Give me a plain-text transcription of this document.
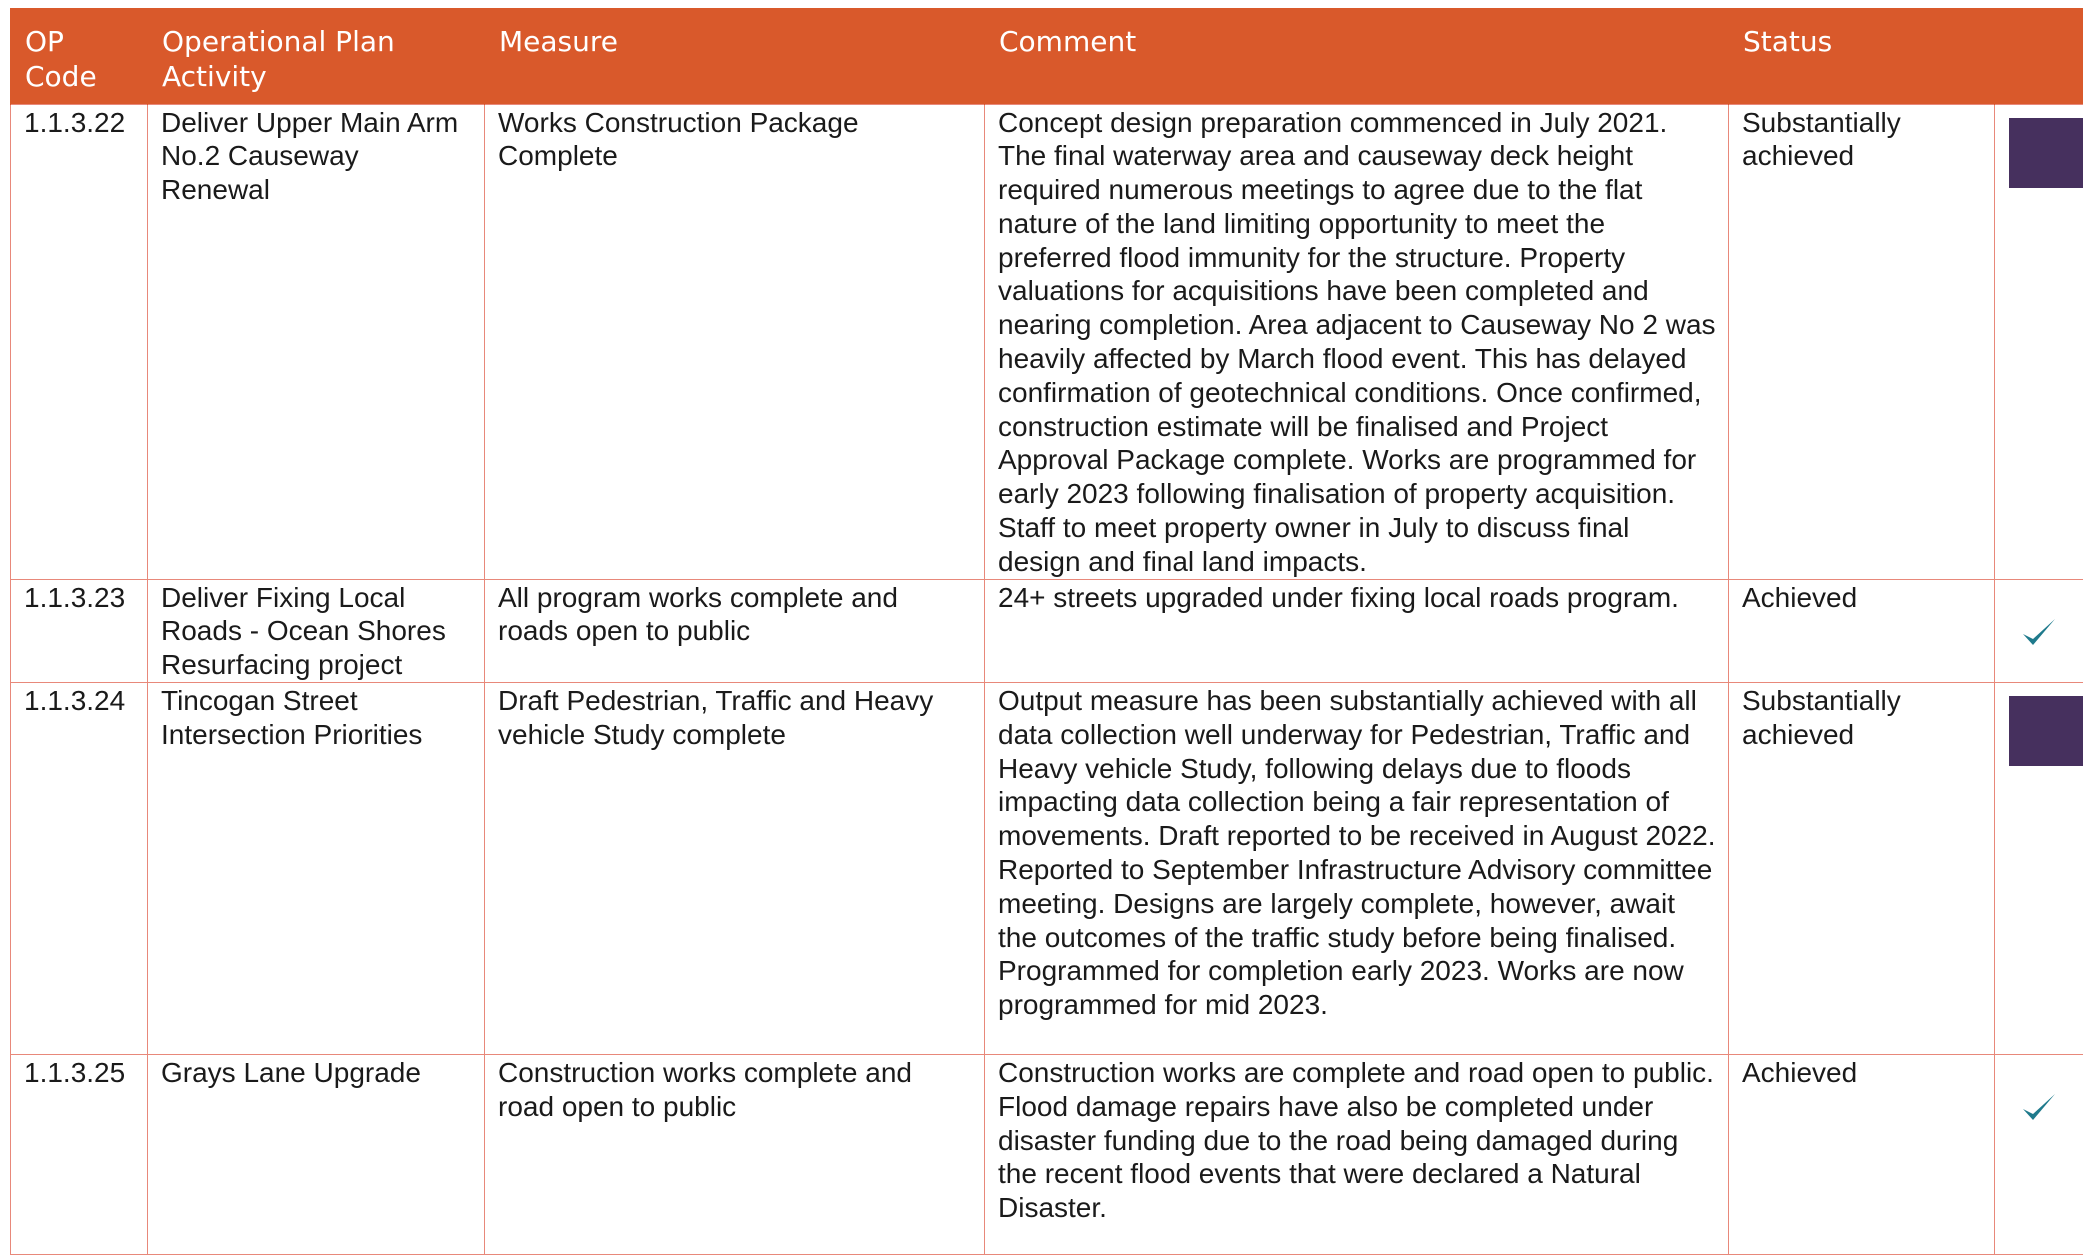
OP Code	Operational Plan Activity	Measure	Comment	Status	
1.1.3.22	Deliver Upper Main Arm No.2 Causeway Renewal	Works Construction Package Complete	Concept design preparation commenced in July 2021. The final waterway area and causeway deck height required numerous meetings to agree due to the flat nature of the land limiting opportunity to meet the preferred flood immunity for the structure. Property valuations for acquisitions have been completed and nearing completion. Area adjacent to Causeway No 2 was heavily affected by March flood event. This has delayed confirmation of geotechnical conditions. Once confirmed, construction estimate will be finalised and Project Approval Package complete. Works are programmed for early 2023 following finalisation of property acquisition. Staff to meet property owner in July to discuss final design and final land impacts.	Substantially achieved	

1.1.3.23	Deliver Fixing Local Roads - Ocean Shores Resurfacing project	All program works complete and roads open to public	24+ streets upgraded under fixing local roads program.	Achieved	

1.1.3.24	Tincogan Street Intersection Priorities	Draft Pedestrian, Traffic and Heavy vehicle Study complete	Output measure has been substantially achieved with all data collection well underway for Pedestrian, Traffic and Heavy vehicle Study, following delays due to floods impacting data collection being a fair representation of movements. Draft reported to be received in August 2022. Reported to September Infrastructure Advisory committee meeting. Designs are largely complete, however, await the outcomes of the traffic study before being finalised. Programmed for completion early 2023. Works are now programmed for mid 2023.	Substantially achieved	

1.1.3.25	Grays Lane Upgrade	Construction works complete and road open to public	Construction works are complete and road open to public. Flood damage repairs have also be completed under disaster funding due to the road being damaged during the recent flood events that were declared a Natural Disaster.	Achieved	
